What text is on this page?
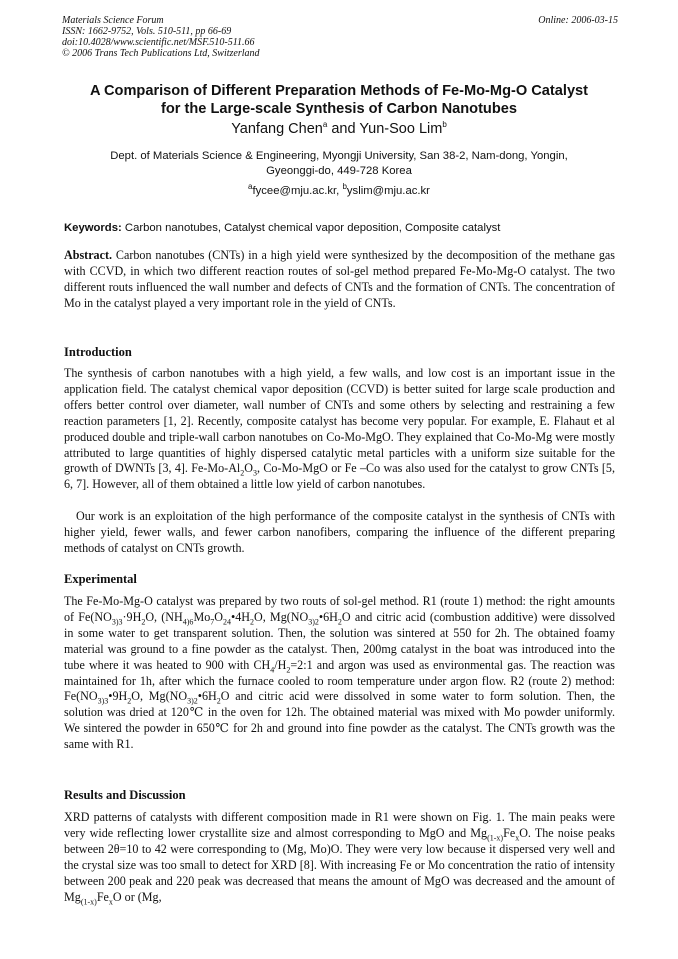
Materials Science Forum
ISSN: 1662-9752, Vols. 510-511, pp 66-69
doi:10.4028/www.scientific.net/MSF.510-511.66
© 2006 Trans Tech Publications Ltd, Switzerland
Online: 2006-03-15
A Comparison of Different Preparation Methods of Fe-Mo-Mg-O Catalyst
for the Large-scale Synthesis of Carbon Nanotubes
Yanfang Chen$^a$ and Yun-Soo Lim$^b$
Dept. of Materials Science & Engineering, Myongji University, San 38-2, Nam-dong, Yongin,
Gyeonggi-do, 449-728 Korea
$^a$fycee@mju.ac.kr, $^b$yslim@mju.ac.kr
Keywords: Carbon nanotubes, Catalyst chemical vapor deposition, Composite catalyst
Abstract. Carbon nanotubes (CNTs) in a high yield were synthesized by the decomposition of the methane gas with CCVD, in which two different reaction routes of sol-gel method prepared Fe-Mo-Mg-O catalyst. The two different routs influenced the wall number and defects of CNTs and the formation of CNTs. The concentration of Mo in the catalyst played a very important role in the yield of CNTs.
Introduction
The synthesis of carbon nanotubes with a high yield, a few walls, and low cost is an important issue in the application field. The catalyst chemical vapor deposition (CCVD) is better suited for large scale production and offers better control over diameter, wall number of CNTs and some others by selecting and restraining a few reaction parameters [1, 2]. Recently, composite catalyst has become very popular. For example, E. Flahaut et al produced double and triple-wall carbon nanotubes on Co-Mo-MgO. They explained that Co-Mo-Mg were mostly attributed to large quantities of highly dispersed catalytic metal particles with a uniform size suitable for the growth of DWNTs [3, 4]. $Fe-Mo-Al_2O_3$, Co-Mo-MgO or Fe –Co was also used for the catalyst to grow CNTs [5, 6, 7]. However, all of them obtained a little low yield of carbon nanotubes.
Our work is an exploitation of the high performance of the composite catalyst in the synthesis of CNTs with higher yield, fewer walls, and fewer carbon nanofibers, comparing the influence of the different preparing methods of catalyst on CNTs growth.
Experimental
The Fe-Mo-Mg-O catalyst was prepared by two routs of sol-gel method. R1 (route 1) method: the right amounts of $Fe(NO_{3)3}\cdot 9H_2O$, ($NH_{4)6}Mo_7O_{24}•4H_2O$, $Mg(NO_{3)2}•6H_2O$ and citric acid (combustion additive) were dissolved in some water to get transparent solution. Then, the solution was sintered at 550 for 2h. The obtained foamy material was ground to a fine powder as the catalyst. Then, 200mg catalyst in the boat was introduced into the tube where it was heated to 900 with $CH_4/H_2=2:1$ and argon was used as environmental gas. The reaction was maintained for 1h, after which the furnace cooled to room temperature under argon flow. R2 (route 2) method: $Fe(NO_{3)3}•9H_2O$, $Mg(NO_{3)2}•6H_2O$ and citric acid were dissolved in some water to form solution. Then, the solution was dried at 120℃ in the oven for 12h. The obtained material was mixed with Mo powder uniformly. We sintered the powder in 650℃ for 2h and ground into fine powder as the catalyst. The CNTs growth was the same with R1.
Results and Discussion
XRD patterns of catalysts with different composition made in R1 were shown on Fig. 1. The main peaks were very wide reflecting lower crystallite size and almost corresponding to MgO and $Mg_{(1-x)}Fe_xO$. The noise peaks between 2θ=10 to 42 were corresponding to (Mg, Mo)O. They were very low because it dispersed very well and the crystal size was too small to detect for XRD [8]. With increasing Fe or Mo concentration the ratio of intensity between 200 peak and 220 peak was decreased that means the amount of MgO was decreased and the amount of $Mg_{(1-x)}Fe_xO$ or (Mg,
